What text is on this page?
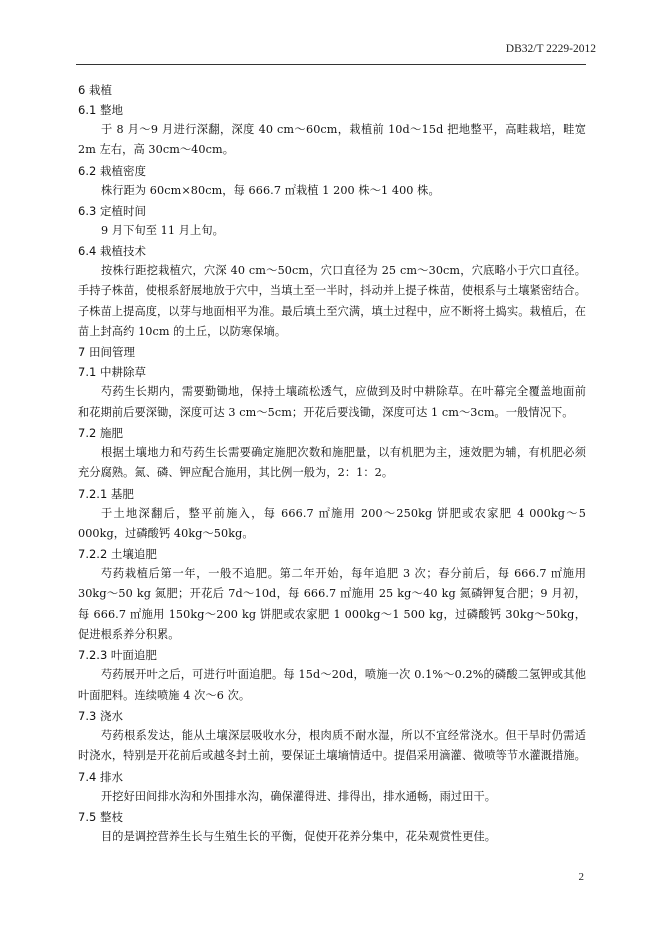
DB32/T 2229-2012
6 栽植
6.1 整地

于 8 月～9 月进行深翻，深度 40 cm～60cm，栽植前 10d～15d 把地整平，高畦栽培，畦宽 2m 左右，高 30cm～40cm。

6.2 栽植密度

株行距为 60cm×80cm，每 666.7 ㎡栽植 1 200 株～1 400 株。

6.3 定植时间

9 月下旬至 11 月上旬。

6.4 栽植技术

按株行距挖栽植穴，穴深 40 cm～50cm，穴口直径为 25 cm～30cm，穴底略小于穴口直径。手持子株苗，使根系舒展地放于穴中，当填土至一半时，抖动并上提子株苗，使根系与土壤紧密结合。子株苗上提高度，以芽与地面相平为准。最后填土至穴满，填土过程中，应不断将土捣实。栽植后，在苗上封高约 10cm 的土丘，以防寒保墒。

7 田间管理
7.1 中耕除草

芍药生长期内，需要勤锄地，保持土壤疏松透气，应做到及时中耕除草。在叶幕完全覆盖地面前和花期前后要深锄，深度可达 3 cm～5cm；开花后要浅锄，深度可达 1 cm～3cm。一般情况下。

7.2 施肥

根据土壤地力和芍药生长需要确定施肥次数和施肥量，以有机肥为主，速效肥为辅，有机肥必须充分腐熟。氮、磷、钾应配合施用，其比例一般为，2：1：2。

7.2.1 基肥

于土地深翻后，整平前施入，每 666.7 ㎡施用 200～250kg 饼肥或农家肥 4 000kg～5 000kg，过磷酸钙 40kg～50kg。

7.2.2 土壤追肥

芍药栽植后第一年，一般不追肥。第二年开始，每年追肥 3 次；春分前后，每 666.7 ㎡施用 30kg～50 kg 氮肥；开花后 7d～10d，每 666.7 ㎡施用 25 kg～40 kg 氮磷钾复合肥；9 月初，每 666.7 ㎡施用 150kg～200 kg 饼肥或农家肥 1 000kg～1 500 kg，过磷酸钙 30kg～50kg，促进根系养分积累。

7.2.3 叶面追肥

芍药展开叶之后，可进行叶面追肥。每 15d～20d，喷施一次 0.1%～0.2%的磷酸二氢钾或其他叶面肥料。连续喷施 4 次～6 次。

7.3 浇水

芍药根系发达，能从土壤深层吸收水分，根肉质不耐水湿，所以不宜经常浇水。但干旱时仍需适时浇水，特别是开花前后或越冬封土前，要保证土壤墒情适中。提倡采用滴灌、微喷等节水灌溉措施。

7.4 排水

开挖好田间排水沟和外围排水沟，确保灌得进、排得出，排水通畅，雨过田干。

7.5 整枝

目的是调控营养生长与生殖生长的平衡，促使开花养分集中，花朵观赏性更佳。

2
